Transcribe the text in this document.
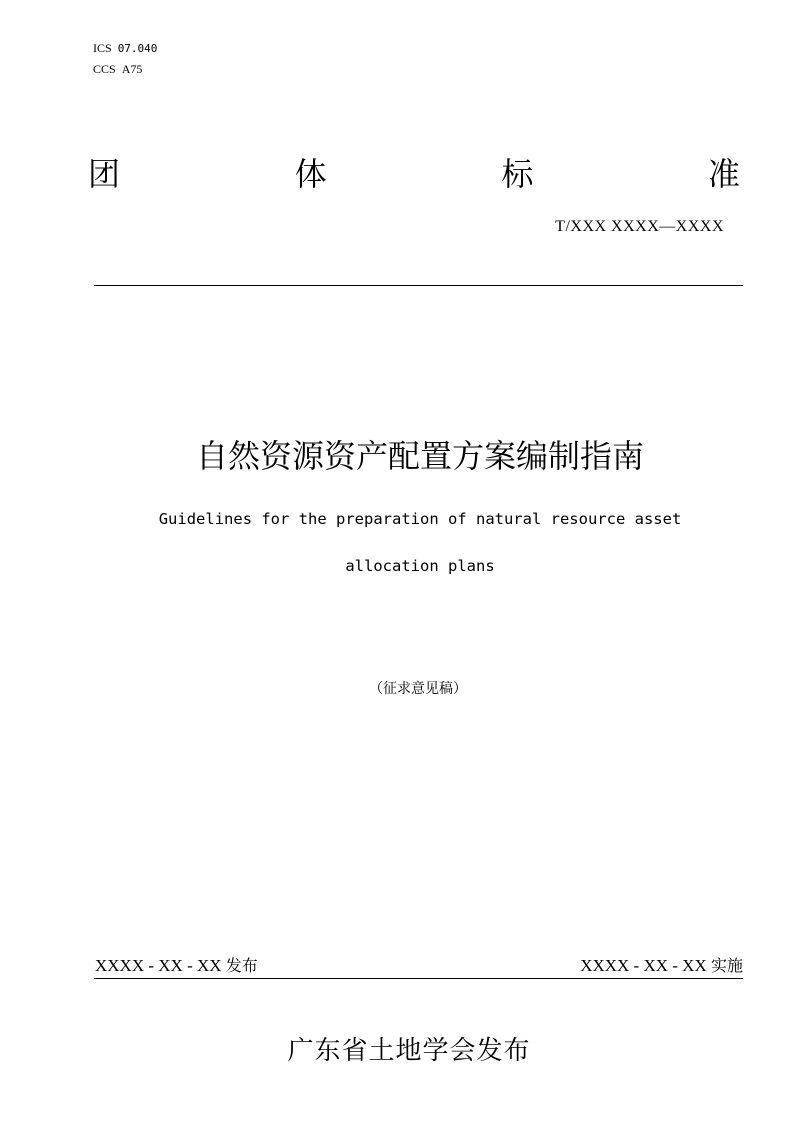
ICS 07.040
CCS A75
团	体	标	准
T/XXX XXXX—XXXX
自然资源资产配置方案编制指南
Guidelines for the preparation of natural resource asset
allocation plans
（征求意见稿）
XXXX - XX - XX 发布	XXXX - XX - XX 实施
广东省土地学会发布
